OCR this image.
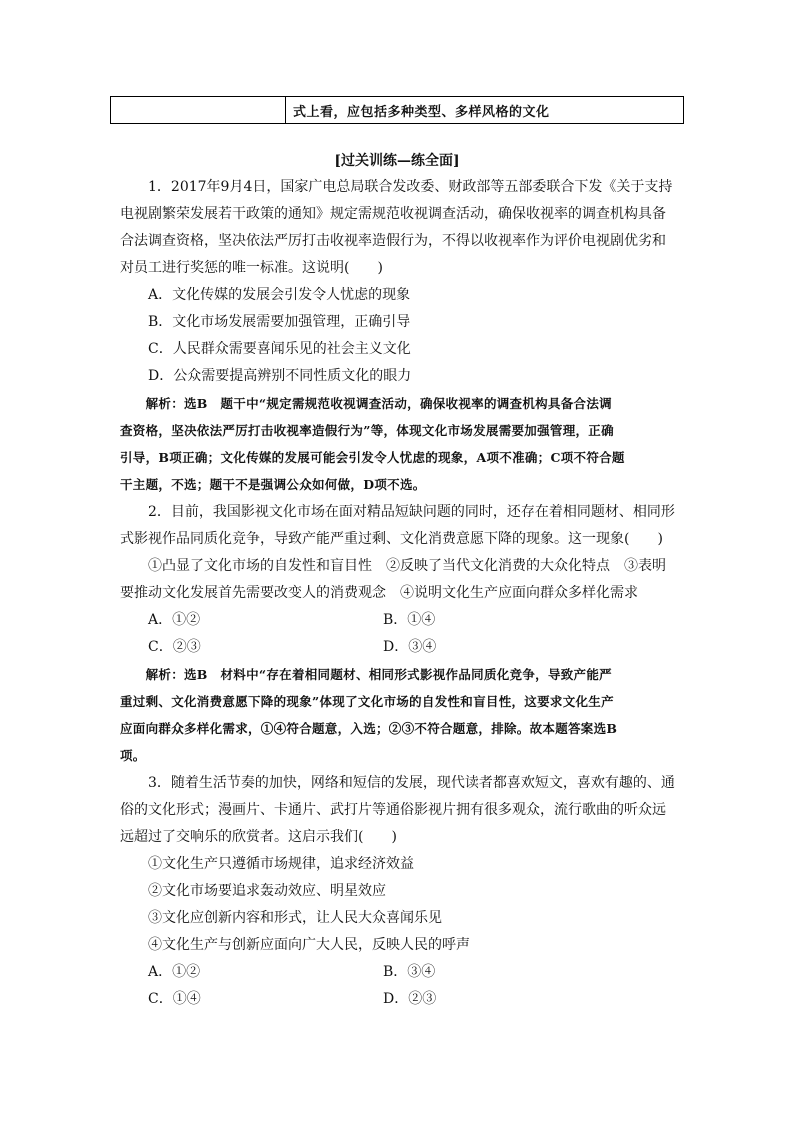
式上看，应包括多种类型、多样风格的文化
[过关训练—练全面]
　　1．2017年9月4日，国家广电总局联合发改委、财政部等五部委联合下发《关于支持
电视剧繁荣发展若干政策的通知》规定需规范收视调查活动，确保收视率的调查机构具备
合法调查资格，坚决依法严厉打击收视率造假行为，不得以收视率作为评价电视剧优劣和
对员工进行奖惩的唯一标准。这说明(　　)
　　A．文化传媒的发展会引发令人忧虑的现象
　　B．文化市场发展需要加强管理，正确引导
　　C．人民群众需要喜闻乐见的社会主义文化
　　D．公众需要提高辨别不同性质文化的眼力
　　解析：选B　题干中“规定需规范收视调查活动，确保收视率的调查机构具备合法调
查资格，坚决依法严厉打击收视率造假行为”等，体现文化市场发展需要加强管理，正确
引导，B项正确；文化传媒的发展可能会引发令人忧虑的现象，A项不准确；C项不符合题
干主题，不选；题干不是强调公众如何做，D项不选。
　　2．目前，我国影视文化市场在面对精品短缺问题的同时，还存在着相同题材、相同形
式影视作品同质化竞争，导致产能严重过剩、文化消费意愿下降的现象。这一现象(　　)
　　①凸显了文化市场的自发性和盲目性　②反映了当代文化消费的大众化特点　③表明
要推动文化发展首先需要改变人的消费观念　④说明文化生产应面向群众多样化需求
　　A．①②	B．①④
　　C．②③	D．③④
　　解析：选B　材料中“存在着相同题材、相同形式影视作品同质化竞争，导致产能严
重过剩、文化消费意愿下降的现象”体现了文化市场的自发性和盲目性，这要求文化生产
应面向群众多样化需求，①④符合题意，入选；②③不符合题意，排除。故本题答案选B
项。
　　3．随着生活节奏的加快，网络和短信的发展，现代读者都喜欢短文，喜欢有趣的、通
俗的文化形式；漫画片、卡通片、武打片等通俗影视片拥有很多观众，流行歌曲的听众远
远超过了交响乐的欣赏者。这启示我们(　　)
　　①文化生产只遵循市场规律，追求经济效益
　　②文化市场要追求轰动效应、明星效应
　　③文化应创新内容和形式，让人民大众喜闻乐见
　　④文化生产与创新应面向广大人民，反映人民的呼声
　　A．①②	B．③④
　　C．①④	D．②③
